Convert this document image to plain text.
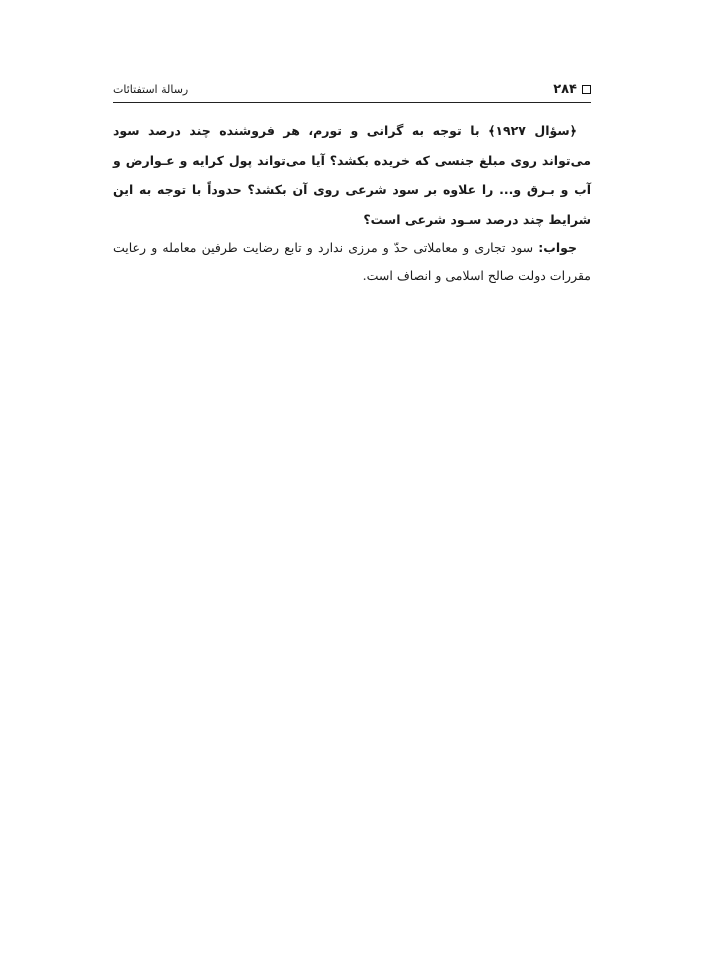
۲۸۴
رسالة استفتائات

﴿سؤال ۱۹۲۷﴾ با توجه به گرانی و تورم، هر فروشنده چند درصد سود می‌تواند روی مبلغ جنسی که خریده بکشد؟ آیا می‌تواند پول کرایه و عـوارض و آب و بـرق و... را علاوه بر سود شرعی روی آن بکشد؟ حدوداً با توجه به این شرایط چند درصد سـود شرعی است؟

جواب: سود تجاری و معاملاتی حدّ و مرزی ندارد و تابع رضایت طرفین معامله و رعایت مقررات دولت صالح اسلامی و انصاف است.
